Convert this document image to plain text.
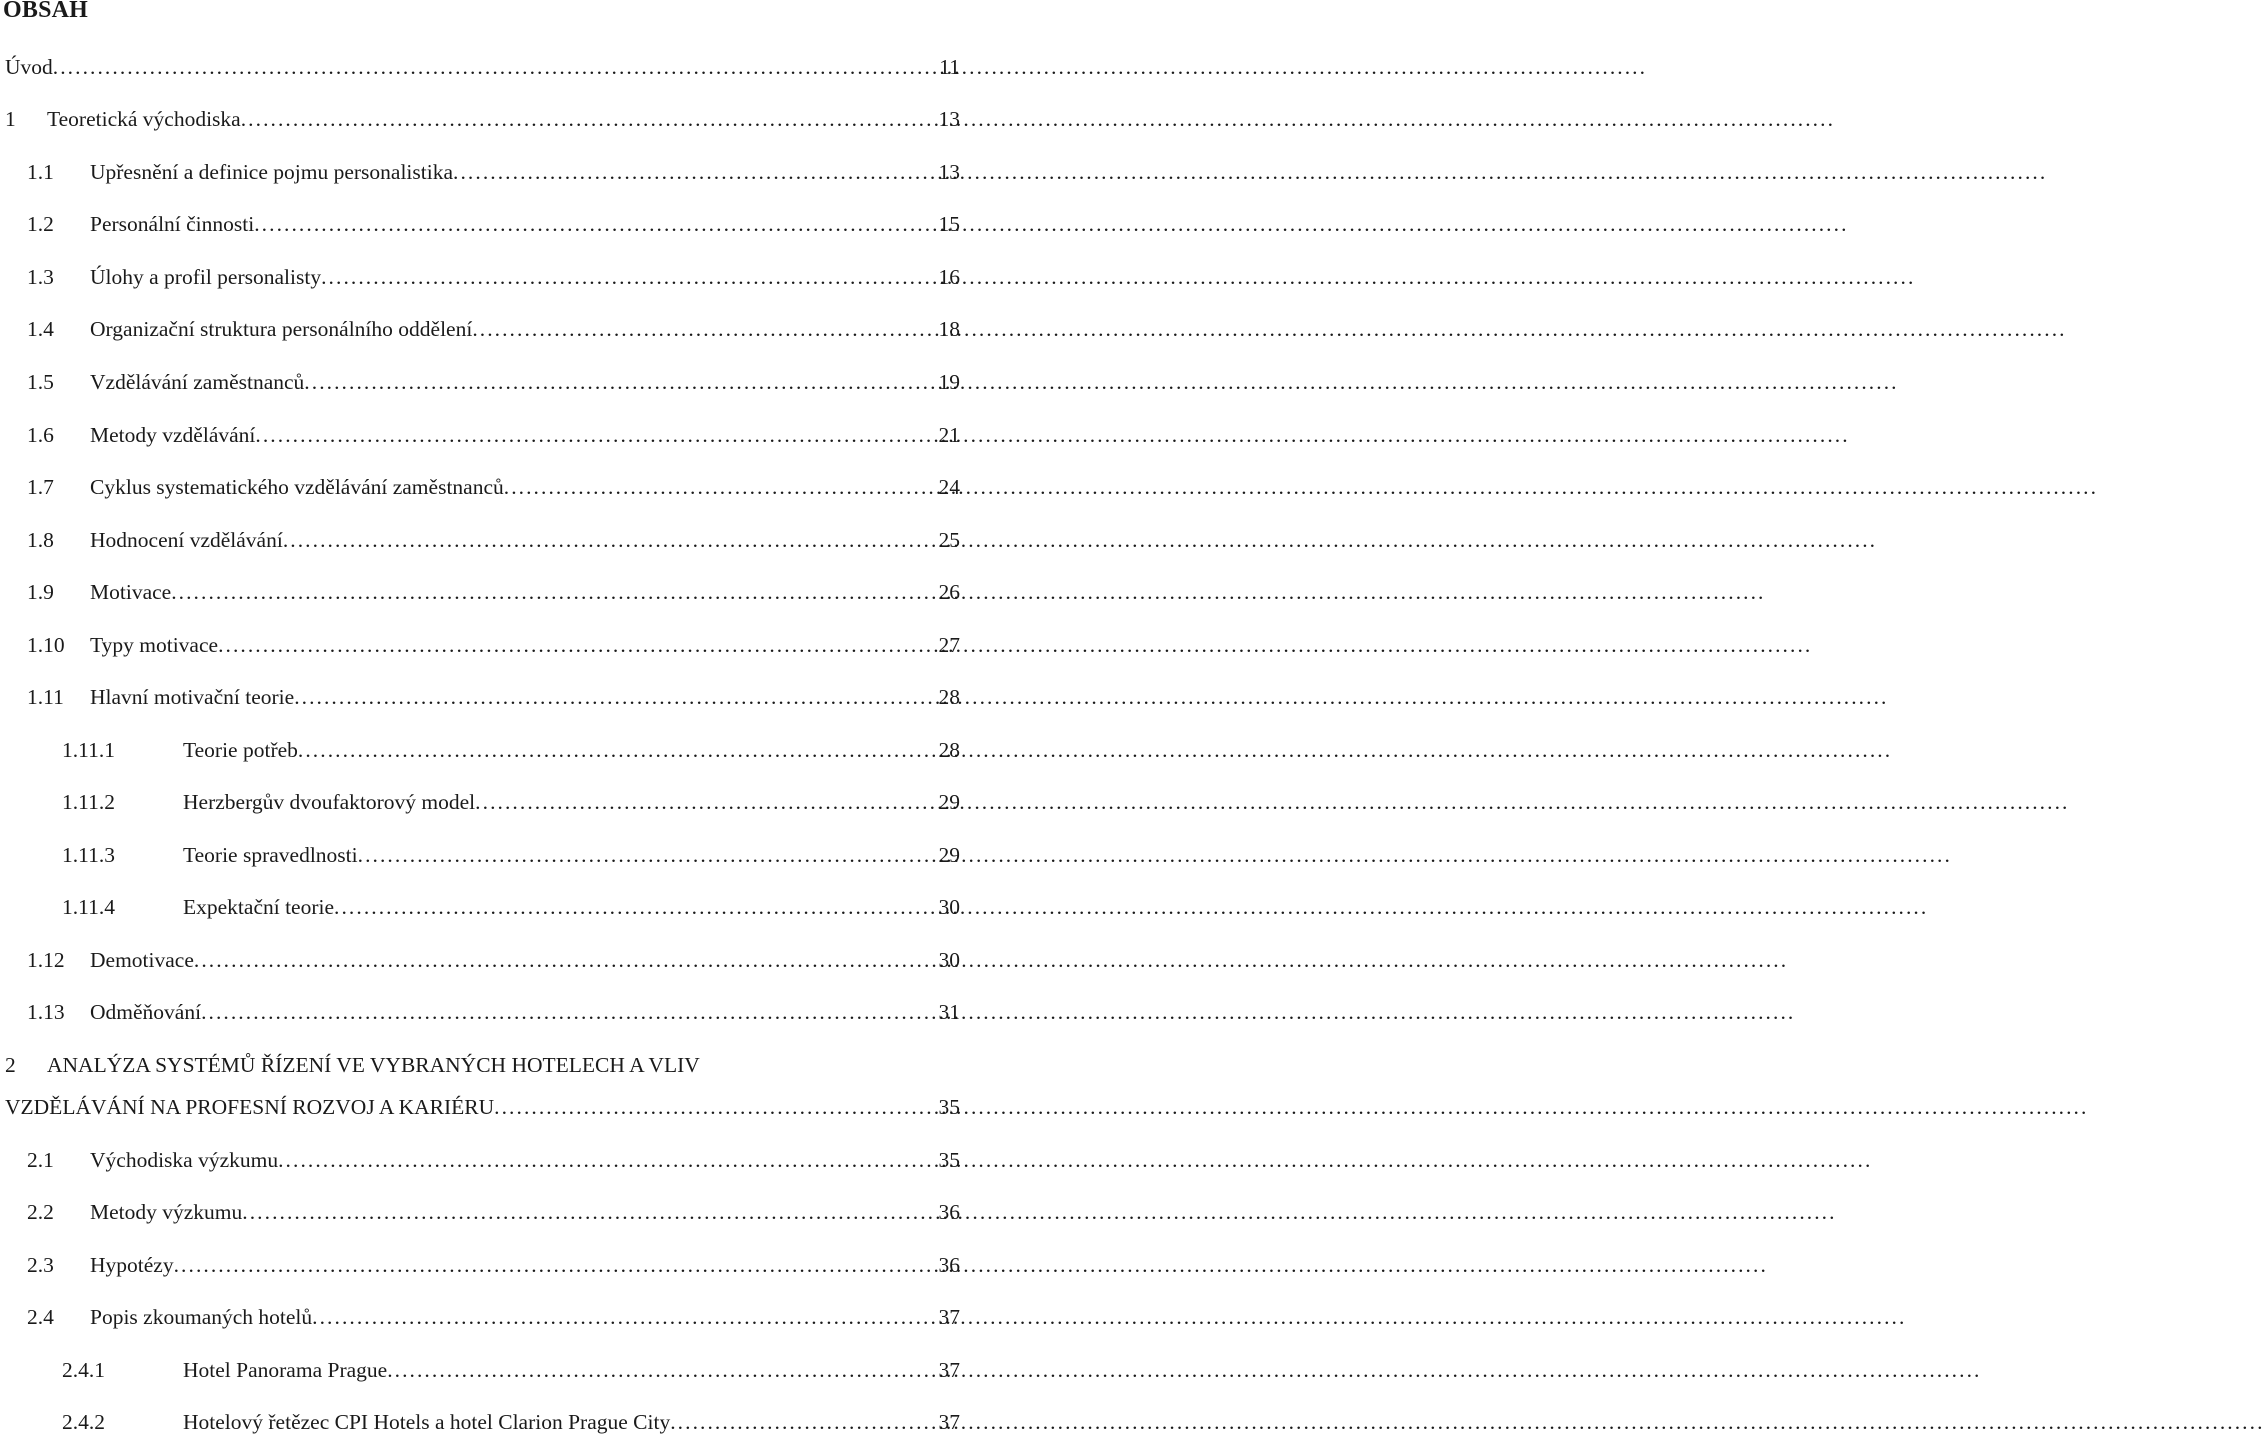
OBSAH
Úvod . . .	11
1	Teoretická východiska . . .	13
1.1	Upřesnění a definice pojmu personalistika . . .	13
1.2	Personální činnosti . . .	15
1.3	Úlohy a profil personalisty . . .	16
1.4	Organizační struktura personálního oddělení . . .	18
1.5	Vzdělávání zaměstnanců . . .	19
1.6	Metody vzdělávání . . .	21
1.7	Cyklus systematického vzdělávání zaměstnanců . . .	24
1.8	Hodnocení vzdělávání . . .	25
1.9	Motivace . . .	26
1.10	Typy motivace . . .	27
1.11	Hlavní motivační teorie . . .	28
1.11.1	Teorie potřeb . . .	28
1.11.2	Herzbergův dvoufaktorový model . . .	29
1.11.3	Teorie spravedlnosti . . .	29
1.11.4	Expektační teorie . . .	30
1.12	Demotivace . . .	30
1.13	Odměňování . . .	31
2 ANALÝZA SYSTÉMŮ ŘÍZENÍ VE VYBRANÝCH HOTELECH A VLIV
VZDĚLÁVÁNÍ NA PROFESNÍ ROZVOJ A KARIÉRU . . .	35
2.1	Východiska výzkumu . . .	35
2.2	Metody výzkumu . . .	36
2.3	Hypotézy . . .	36
2.4	Popis zkoumaných hotelů . . .	37
2.4.1	Hotel Panorama Prague . . .	37
2.4.2	Hotelový řetězec CPI Hotels a hotel Clarion Prague City . . .	37
